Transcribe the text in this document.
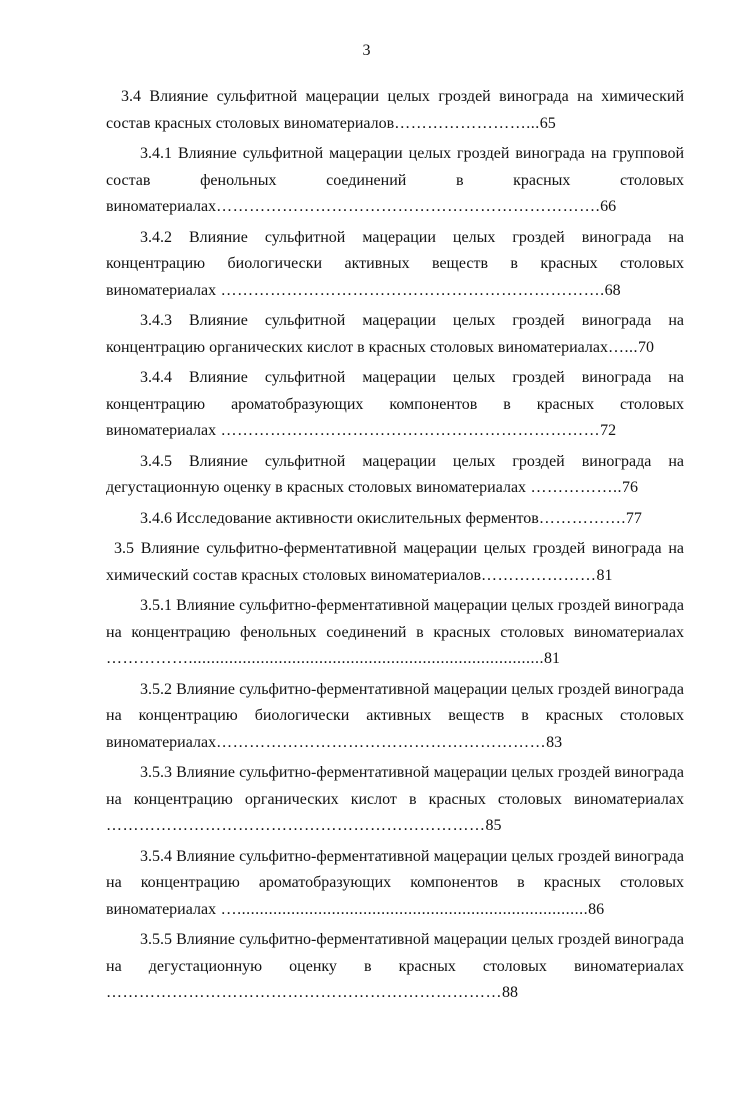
3
3.4 Влияние сульфитной мацерации целых гроздей винограда на химический состав красных столовых виноматериалов……………………...65
3.4.1 Влияние сульфитной мацерации целых гроздей винограда на групповой состав фенольных соединений в красных столовых виноматериалах…………………………………………………………….66
3.4.2 Влияние сульфитной мацерации целых гроздей винограда на концентрацию биологически активных веществ в красных столовых виноматериалах …………………………………………………………….68
3.4.3 Влияние сульфитной мацерации целых гроздей винограда на концентрацию органических кислот в красных столовых виноматериалах…...70
3.4.4 Влияние сульфитной мацерации целых гроздей винограда на концентрацию ароматобразующих компонентов в красных столовых виноматериалах ……………………………………………………………72
3.4.5 Влияние сульфитной мацерации целых гроздей винограда на дегустационную оценку в красных столовых виноматериалах ……………..76
3.4.6 Исследование активности окислительных ферментов…………….77
3.5 Влияние сульфитно-ферментативной мацерации целых гроздей винограда на химический состав красных столовых виноматериалов…………………81
3.5.1 Влияние сульфитно-ферментативной мацерации целых гроздей винограда на концентрацию фенольных соединений в красных столовых виноматериалах ……………...............................................................................81
3.5.2 Влияние сульфитно-ферментативной мацерации целых гроздей винограда на концентрацию биологически активных веществ в красных столовых виноматериалах……………………………………………………83
3.5.3 Влияние сульфитно-ферментативной мацерации целых гроздей винограда на концентрацию органических кислот в красных столовых виноматериалах ……………………………………………………………85
3.5.4 Влияние сульфитно-ферментативной мацерации целых гроздей винограда на концентрацию ароматобразующих компонентов в красных столовых виноматериалах …..............................................................................86
3.5.5 Влияние сульфитно-ферментативной мацерации целых гроздей винограда на дегустационную оценку в красных столовых виноматериалах ………………………………………………………………88
